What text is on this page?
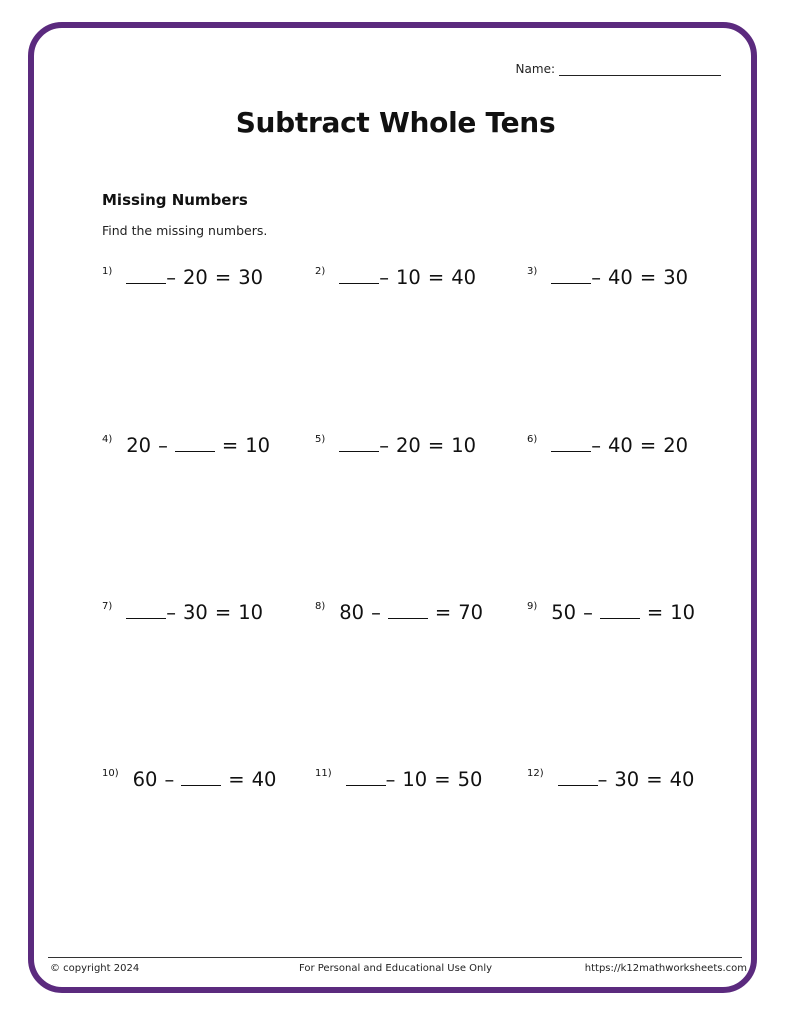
Name:
Subtract Whole Tens
Missing Numbers
Find the missing numbers.
1)	– 20 = 30	2)	– 10 = 40	3)	– 40 = 30
4) 20 –	= 10	5)	– 20 = 10	6)	– 40 = 20
7)	– 30 = 10	8) 80 –	= 70	9) 50 –	= 10
10) 60 –	= 40	11)	– 10 = 50	12)	– 30 = 40
© copyright 2024	For Personal and Educational Use Only	https://k12mathworksheets.com
